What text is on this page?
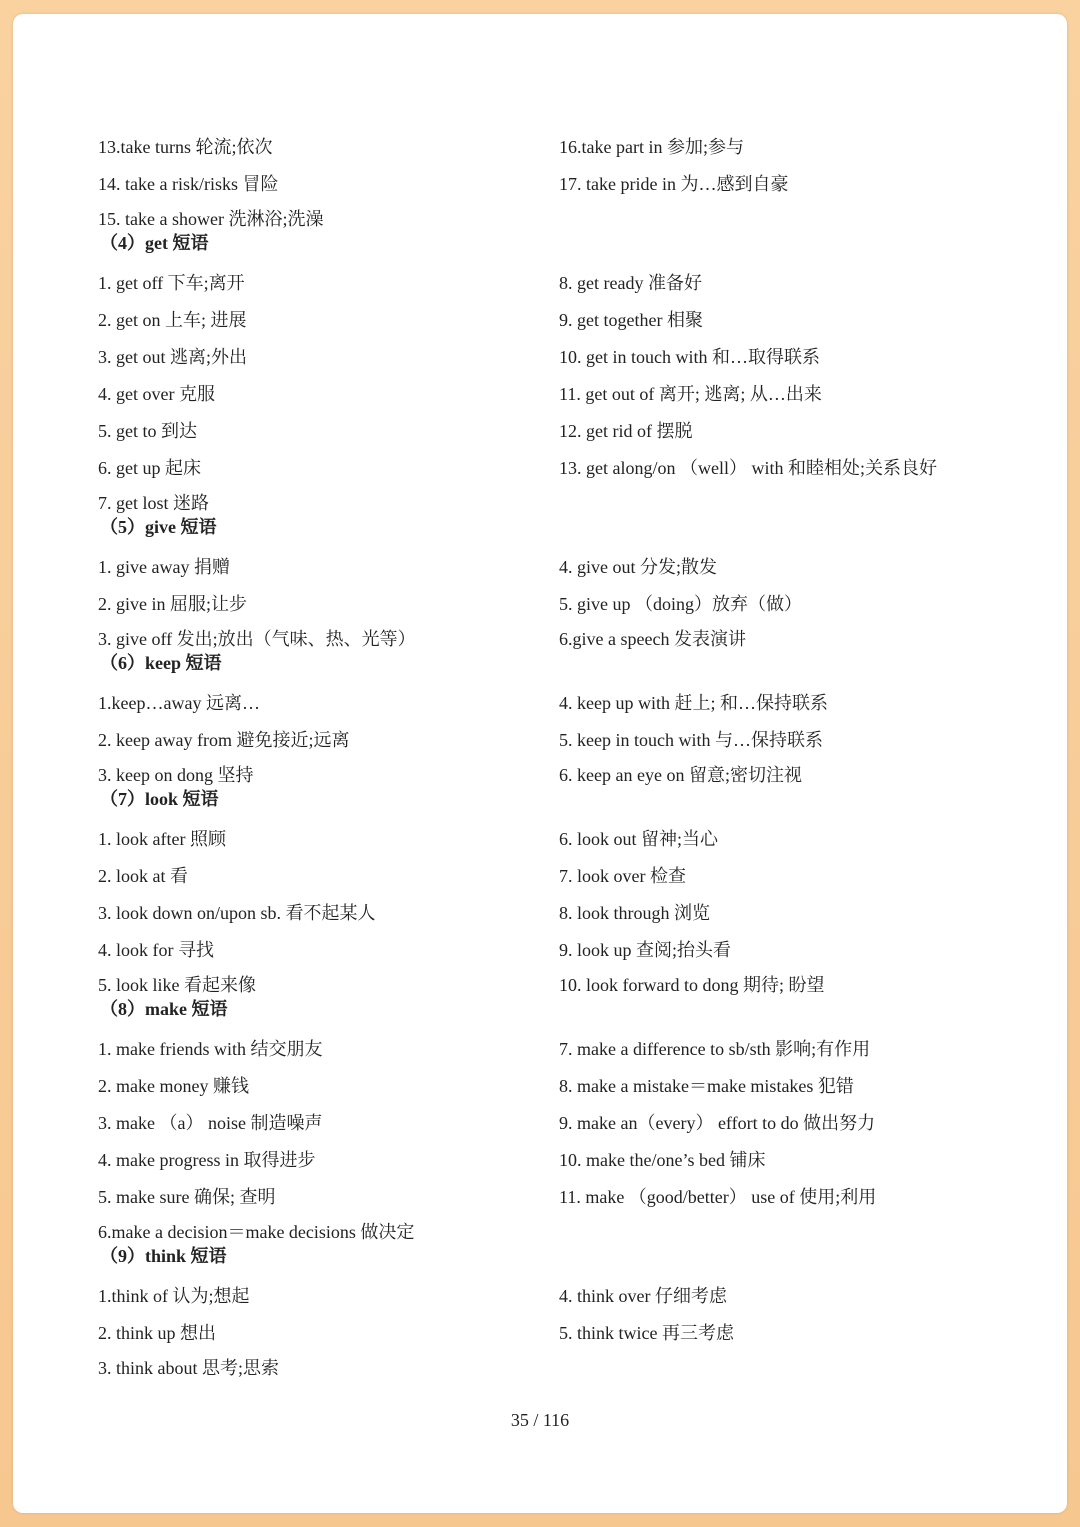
13.take turns 轮流;依次	16.take part in 参加;参与
14. take a risk/risks 冒险	17. take pride in 为…感到自豪
15. take a shower 洗淋浴;洗澡
（4）get 短语
1. get off 下车;离开	8. get ready 准备好
2. get on 上车; 进展	9. get together 相聚
3. get out 逃离;外出	10. get in touch with 和…取得联系
4. get over 克服	11. get out of 离开; 逃离; 从…出来
5. get to 到达	12. get rid of 摆脱
6. get up 起床	13. get along/on （well） with 和睦相处;关系良好
7. get lost 迷路
（5）give 短语
1. give away 捐赠	4. give out 分发;散发
2. give in 屈服;让步	5. give up （doing）放弃（做）
3. give off 发出;放出（气味、热、光等）	6.give a speech 发表演讲
（6）keep 短语
1.keep…away 远离…	4. keep up with 赶上; 和…保持联系
2. keep away from 避免接近;远离	5. keep in touch with 与…保持联系
3. keep on dong 坚持	6. keep an eye on 留意;密切注视
（7）look 短语
1. look after 照顾	6. look out 留神;当心
2. look at 看	7. look over 检查
3. look down on/upon sb. 看不起某人	8. look through 浏览
4. look for 寻找	9. look up 查阅;抬头看
5. look like 看起来像	10. look forward to dong 期待; 盼望
（8）make 短语
1. make friends with 结交朋友	7. make a difference to sb/sth 影响;有作用
2. make money 赚钱	8. make a mistake＝make mistakes 犯错
3. make （a） noise 制造噪声	9. make an（every） effort to do 做出努力
4. make progress in 取得进步	10. make the/one’s bed 铺床
5. make sure 确保; 查明	11. make （good/better） use of 使用;利用
6.make a decision＝make decisions 做决定
（9）think 短语
1.think of 认为;想起	4. think over 仔细考虑
2. think up 想出	5. think twice 再三考虑
3. think about 思考;思索
35 / 116
